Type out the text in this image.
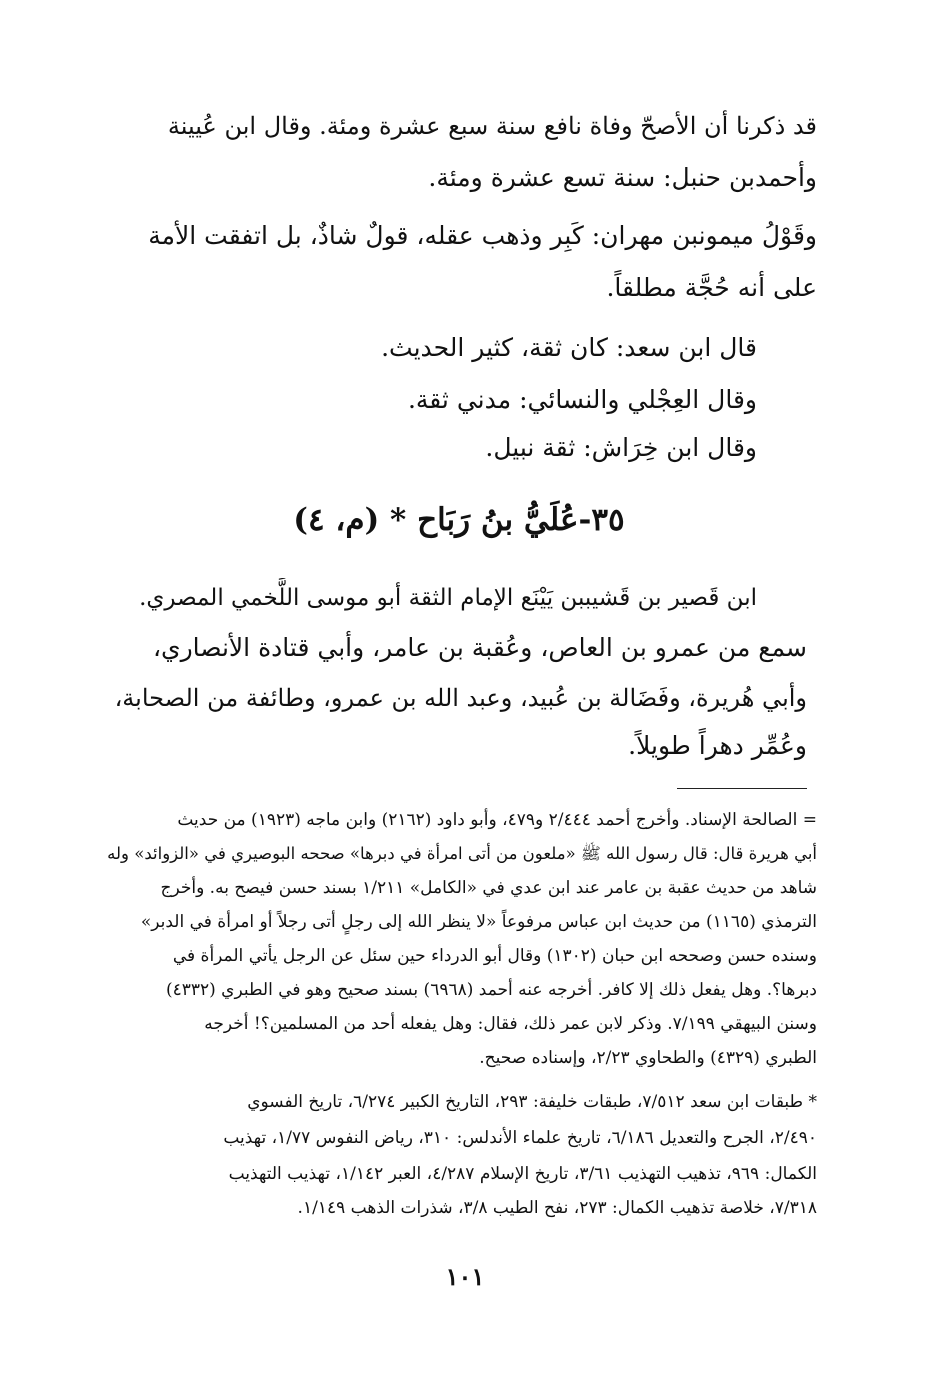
قد ذكرنا أن الأصحّ وفاة نافع سنة سبع عشرة ومئة. وقال ابن عُيينة
وأحمدبن حنبل: سنة تسع عشرة ومئة.
وقَوْلُ ميمونبن مهران: كَبِر وذهب عقله، قولٌ شاذٌ، بل اتفقت الأمة
على أنه حُجَّة مطلقاً.
قال ابن سعد: كان ثقة، كثير الحديث.
وقال العِجْلي والنسائي: مدني ثقة.
وقال ابن خِرَاش: ثقة نبيل.
٣٥-عُلَيُّ بنُ رَبَاح * (م، ٤)
ابن قَصير بن قَشيببن يَيْنَع الإمام الثقة أبو موسى اللَّخمي المصري.
سمع من عمرو بن العاص، وعُقبة بن عامر، وأبي قتادة الأنصاري،
وأبي هُريرة، وفَضَالة بن عُبيد، وعبد الله بن عمرو، وطائفة من الصحابة،
وعُمِّر دهراً طويلاً.
= الصالحة الإسناد. وأخرج أحمد ٢/٤٤٤ و٤٧٩، وأبو داود (٢١٦٢) وابن ماجه (١٩٢٣) من حديث
أبي هريرة قال: قال رسول الله ﷺ «ملعون من أتى امرأة في دبرها» صححه البوصيري في «الزوائد» وله
شاهد من حديث عقبة بن عامر عند ابن عدي في «الكامل» ١/٢١١ بسند حسن فيصح به. وأخرج
الترمذي (١١٦٥) من حديث ابن عباس مرفوعاً «لا ينظر الله إلى رجلٍ أتى رجلاً أو امرأة في الدبر»
وسنده حسن وصححه ابن حبان (١٣٠٢) وقال أبو الدرداء حين سئل عن الرجل يأتي المرأة في
دبرها؟. وهل يفعل ذلك إلا كافر. أخرجه عنه أحمد (٦٩٦٨) بسند صحيح وهو في الطبري (٤٣٣٢)
وسنن البيهقي ٧/١٩٩. وذكر لابن عمر ذلك، فقال: وهل يفعله أحد من المسلمين؟! أخرجه
الطبري (٤٣٢٩) والطحاوي ٢/٢٣، وإسناده صحيح.
* طبقات ابن سعد ٧/٥١٢، طبقات خليفة: ٢٩٣، التاريخ الكبير ٦/٢٧٤، تاريخ الفسوي
٢/٤٩٠، الجرح والتعديل ٦/١٨٦، تاريخ علماء الأندلس: ٣١٠، رياض النفوس ١/٧٧، تهذيب
الكمال: ٩٦٩، تذهيب التهذيب ٣/٦١، تاريخ الإسلام ٤/٢٨٧، العبر ١/١٤٢، تهذيب التهذيب
٧/٣١٨، خلاصة تذهيب الكمال: ٢٧٣، نفح الطيب ٣/٨، شذرات الذهب ١/١٤٩.
١٠١
